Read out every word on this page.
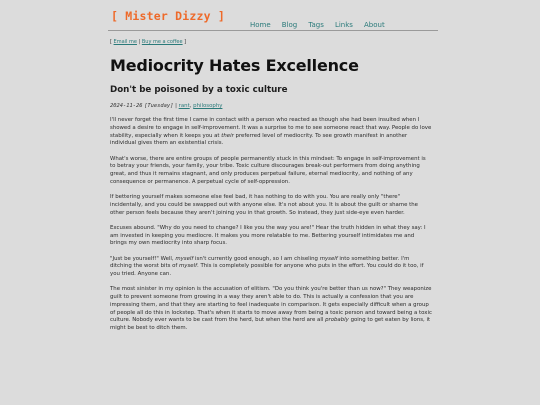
[ Mister Dizzy ]
Home Blog Tags Links About
[ Email me | Buy me a coffee ]
Mediocrity Hates Excellence
Don't be poisoned by a toxic culture
2024-11-26 [Tuesday] | rant, philosophy

I'll never forget the first time I came in contact with a person who reacted as though she had been insulted when I showed a desire to engage in self-improvement. It was a surprise to me to see someone react that way. People do love stability, especially when it keeps you at their preferred level of mediocrity. To see growth manifest in another individual gives them an existential crisis.

What's worse, there are entire groups of people permanently stuck in this mindset: To engage in self-improvement is to betray your friends, your family, your tribe. Toxic culture discourages break-out performers from doing anything great, and thus it remains stagnant, and only produces perpetual failure, eternal mediocrity, and nothing of any consequence or permanence. A perpetual cycle of self-oppression.

If bettering yourself makes someone else feel bad, it has nothing to do with you. You are really only "there" incidentally, and you could be swapped out with anyone else. It's not about you. It is about the guilt or shame the other person feels because they aren't joining you in that growth. So instead, they just side-eye even harder.

Excuses abound. "Why do you need to change? I like you the way you are!" Hear the truth hidden in what they say: I am invested in keeping you mediocre. It makes you more relatable to me. Bettering yourself intimidates me and brings my own mediocrity into sharp focus.

"Just be yourself!" Well, myself isn't currently good enough, so I am chiseling myself into something better. I'm ditching the worst bits of myself. This is completely possible for anyone who puts in the effort. You could do it too, if you tried. Anyone can.

The most sinister in my opinion is the accusation of elitism. "Do you think you're better than us now?" They weaponize guilt to prevent someone from growing in a way they aren't able to do. This is actually a confession that you are impressing them, and that they are starting to feel inadequate in comparison. It gets especially difficult when a group of people all do this in lockstep. That's when it starts to move away from being a toxic person and toward being a toxic culture. Nobody ever wants to be cast from the herd, but when the herd are all probably going to get eaten by lions, it might be best to ditch them.
